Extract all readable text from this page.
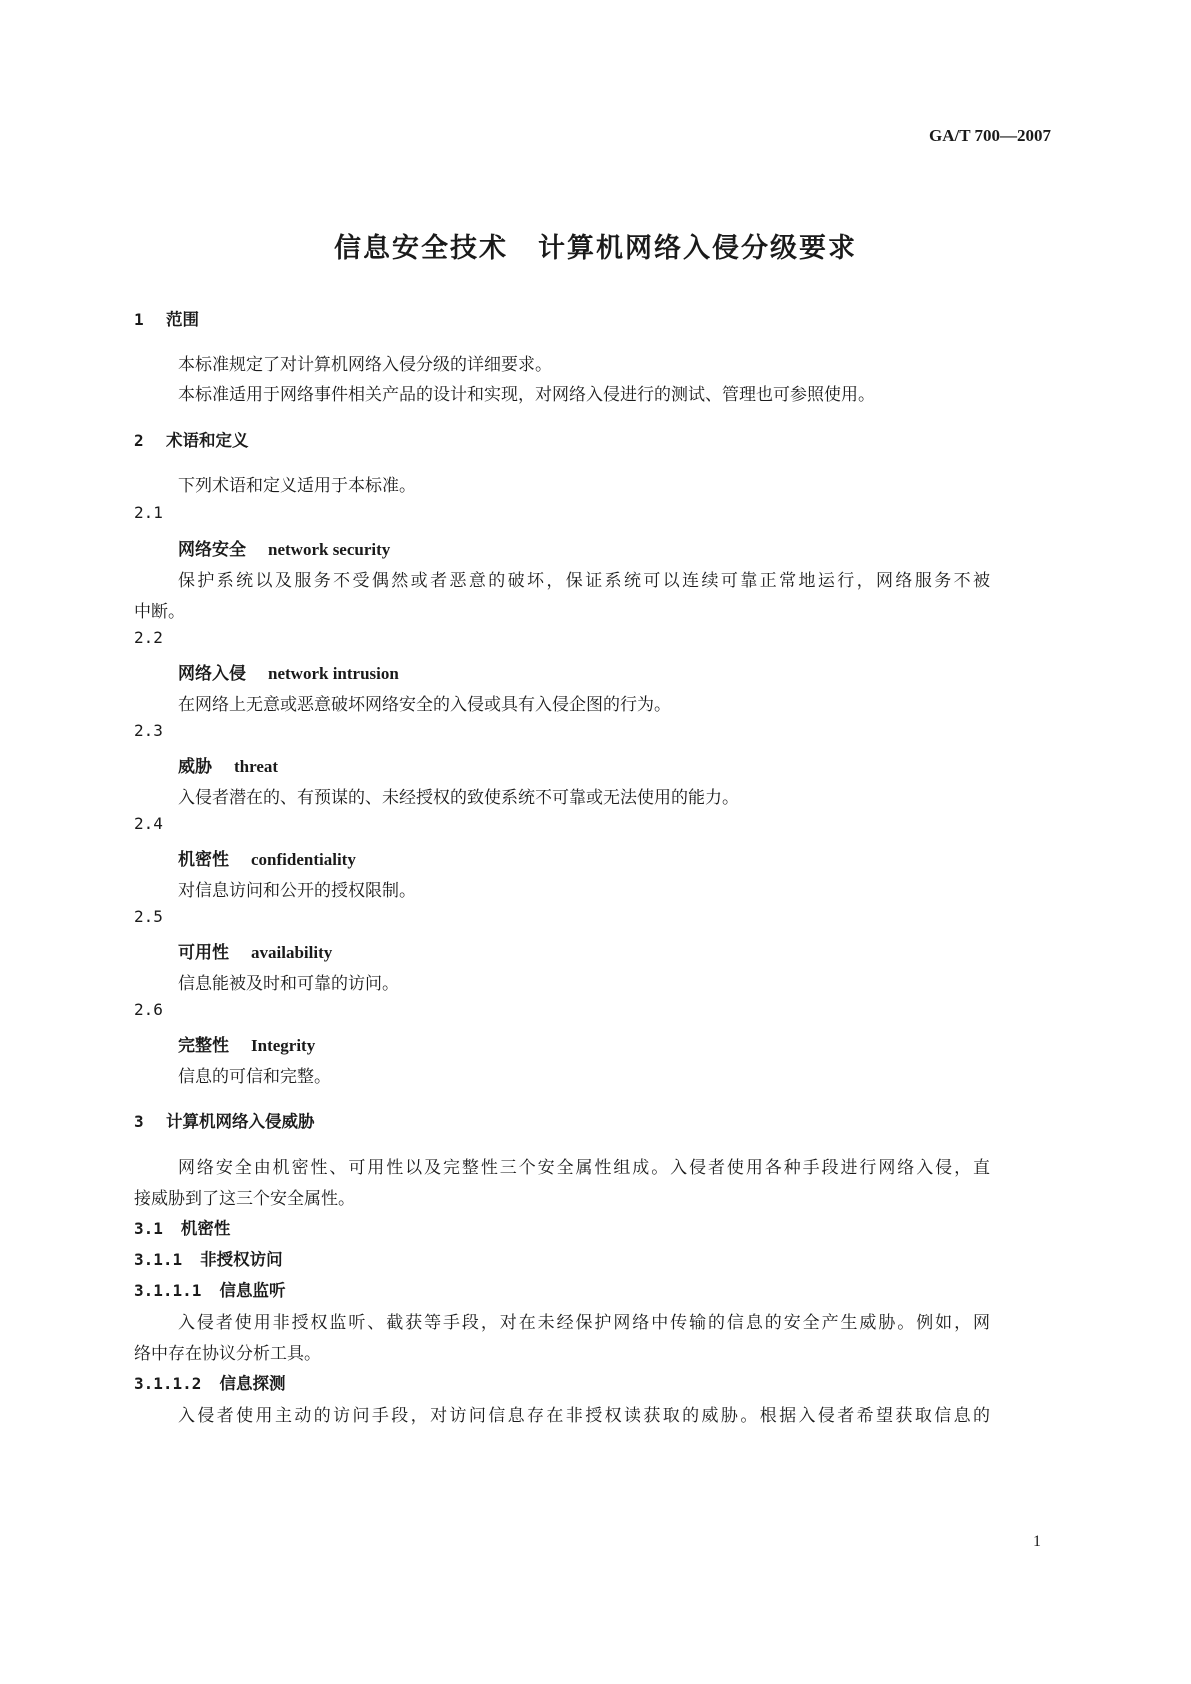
GA/T 700—2007
信息安全技术 计算机网络入侵分级要求
1 范围
本标准规定了对计算机网络入侵分级的详细要求。
本标准适用于网络事件相关产品的设计和实现，对网络入侵进行的测试、管理也可参照使用。
2 术语和定义
下列术语和定义适用于本标准。
2.1
网络安全 network security
保护系统以及服务不受偶然或者恶意的破坏，保证系统可以连续可靠正常地运行，网络服务不被
中断。
2.2
网络入侵 network intrusion
在网络上无意或恶意破坏网络安全的入侵或具有入侵企图的行为。
2.3
威胁 threat
入侵者潜在的、有预谋的、未经授权的致使系统不可靠或无法使用的能力。
2.4
机密性 confidentiality
对信息访问和公开的授权限制。
2.5
可用性 availability
信息能被及时和可靠的访问。
2.6
完整性 Integrity
信息的可信和完整。
3 计算机网络入侵威胁
网络安全由机密性、可用性以及完整性三个安全属性组成。入侵者使用各种手段进行网络入侵，直
接威胁到了这三个安全属性。
3.1 机密性
3.1.1 非授权访问
3.1.1.1 信息监听
入侵者使用非授权监听、截获等手段，对在未经保护网络中传输的信息的安全产生威胁。例如，网
络中存在协议分析工具。
3.1.1.2 信息探测
入侵者使用主动的访问手段，对访问信息存在非授权读获取的威胁。根据入侵者希望获取信息的
1
